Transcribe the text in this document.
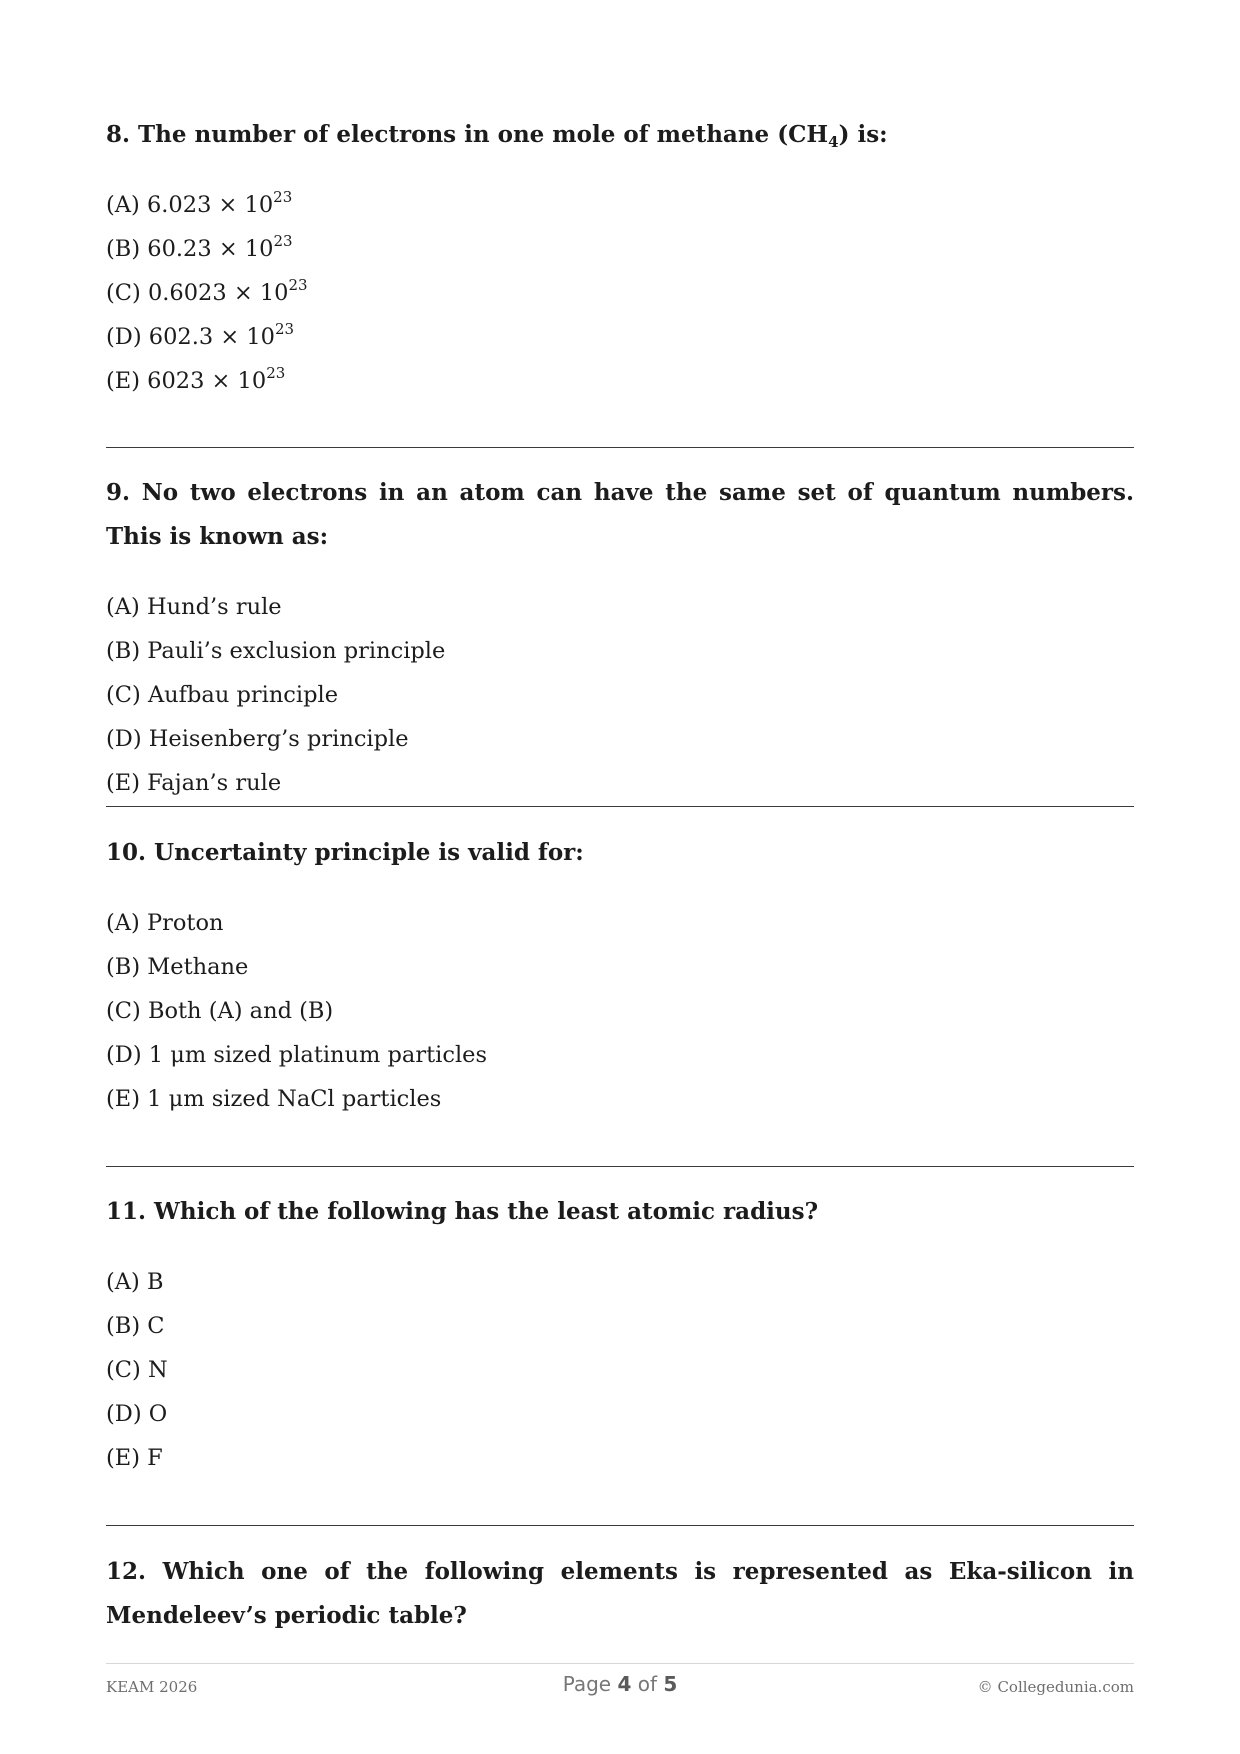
8. The number of electrons in one mole of methane $(CH_4)$ is:

(A) $6.023 \times 10^{23}$
(B) $60.23 \times 10^{23}$
(C) $0.6023 \times 10^{23}$
(D) $602.3 \times 10^{23}$
(E) $6023 \times 10^{23}$

9. No two electrons in an atom can have the same set of quantum numbers. This is known as:

(A) Hund’s rule
(B) Pauli’s exclusion principle
(C) Aufbau principle
(D) Heisenberg’s principle
(E) Fajan’s rule

10. Uncertainty principle is valid for:

(A) Proton
(B) Methane
(C) Both (A) and (B)
(D) 1 μm sized platinum particles
(E) 1 μm sized NaCl particles

11. Which of the following has the least atomic radius?

(A) B
(B) C
(C) N
(D) O
(E) F

12. Which one of the following elements is represented as Eka-silicon in Mendeleev’s periodic table?

KEAM 2026	Page 4 of 5	© Collegedunia.com
